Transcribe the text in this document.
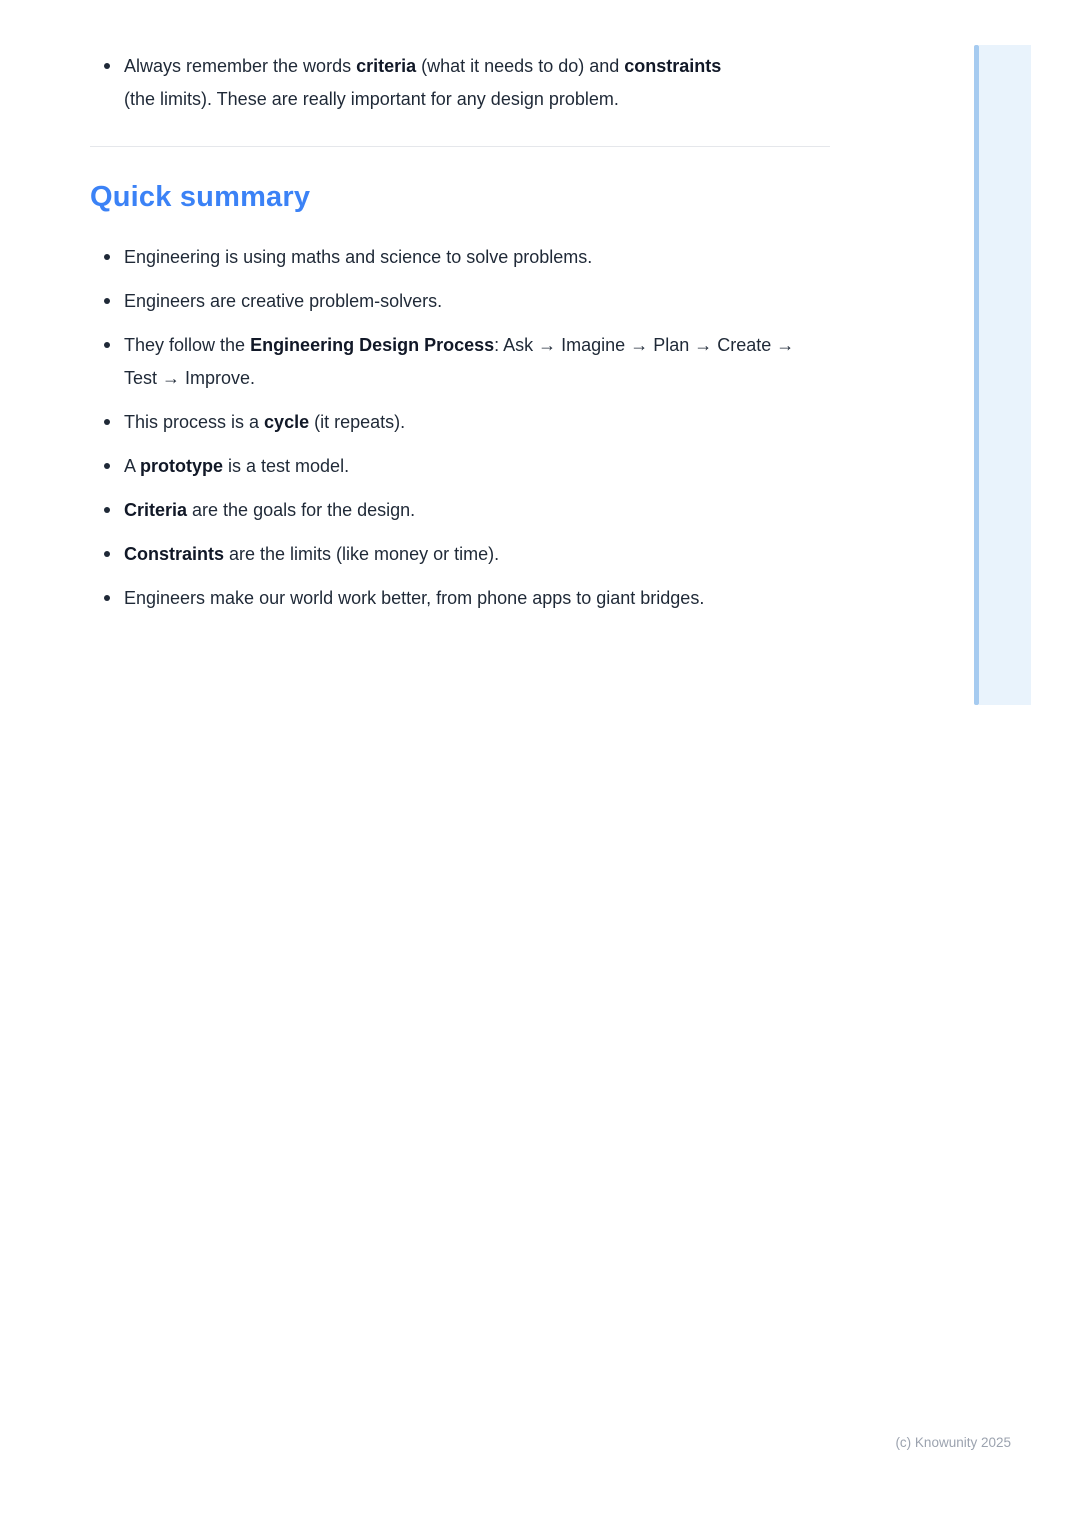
Always remember the words criteria (what it needs to do) and constraints (the limits). These are really important for any design problem.
Quick summary
Engineering is using maths and science to solve problems.
Engineers are creative problem-solvers.
They follow the Engineering Design Process: Ask → Imagine → Plan → Create → Test → Improve.
This process is a cycle (it repeats).
A prototype is a test model.
Criteria are the goals for the design.
Constraints are the limits (like money or time).
Engineers make our world work better, from phone apps to giant bridges.
(c) Knowunity 2025
